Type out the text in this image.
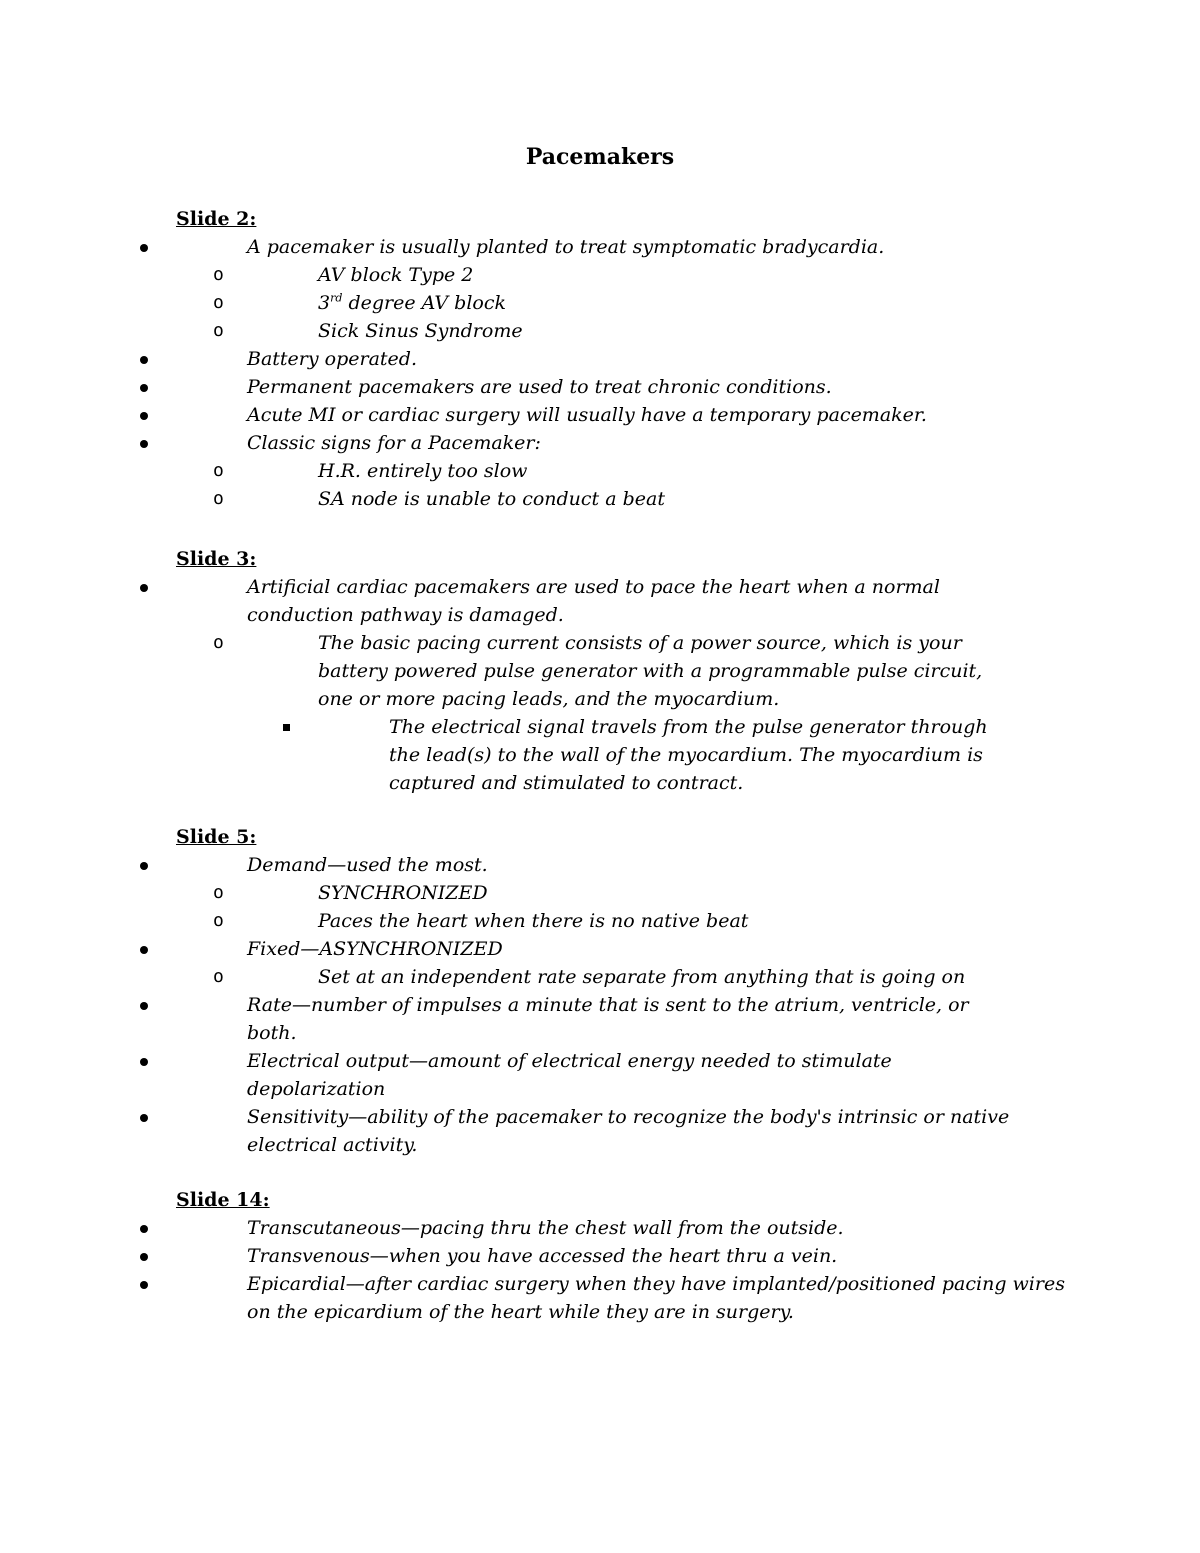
Pacemakers
Slide 2:
A pacemaker is usually planted to treat symptomatic bradycardia.
o	AV block Type 2
o	3rd degree AV block
o	Sick Sinus Syndrome
Battery operated.
Permanent pacemakers are used to treat chronic conditions.
Acute MI or cardiac surgery will usually have a temporary pacemaker.
Classic signs for a Pacemaker:
o	H.R. entirely too slow
o	SA node is unable to conduct a beat
Slide 3:
Artificial cardiac pacemakers are used to pace the heart when a normal conduction pathway is damaged.
o	The basic pacing current consists of a power source, which is your battery powered pulse generator with a programmable pulse circuit, one or more pacing leads, and the myocardium.
The electrical signal travels from the pulse generator through the lead(s) to the wall of the myocardium. The myocardium is captured and stimulated to contract.
Slide 5:
Demand—used the most.
o	SYNCHRONIZED
o	Paces the heart when there is no native beat
Fixed—ASYNCHRONIZED
o	Set at an independent rate separate from anything that is going on
Rate—number of impulses a minute that is sent to the atrium, ventricle, or both.
Electrical output—amount of electrical energy needed to stimulate depolarization
Sensitivity—ability of the pacemaker to recognize the body's intrinsic or native electrical activity.
Slide 14:
Transcutaneous—pacing thru the chest wall from the outside.
Transvenous—when you have accessed the heart thru a vein.
Epicardial—after cardiac surgery when they have implanted/positioned pacing wires on the epicardium of the heart while they are in surgery.
